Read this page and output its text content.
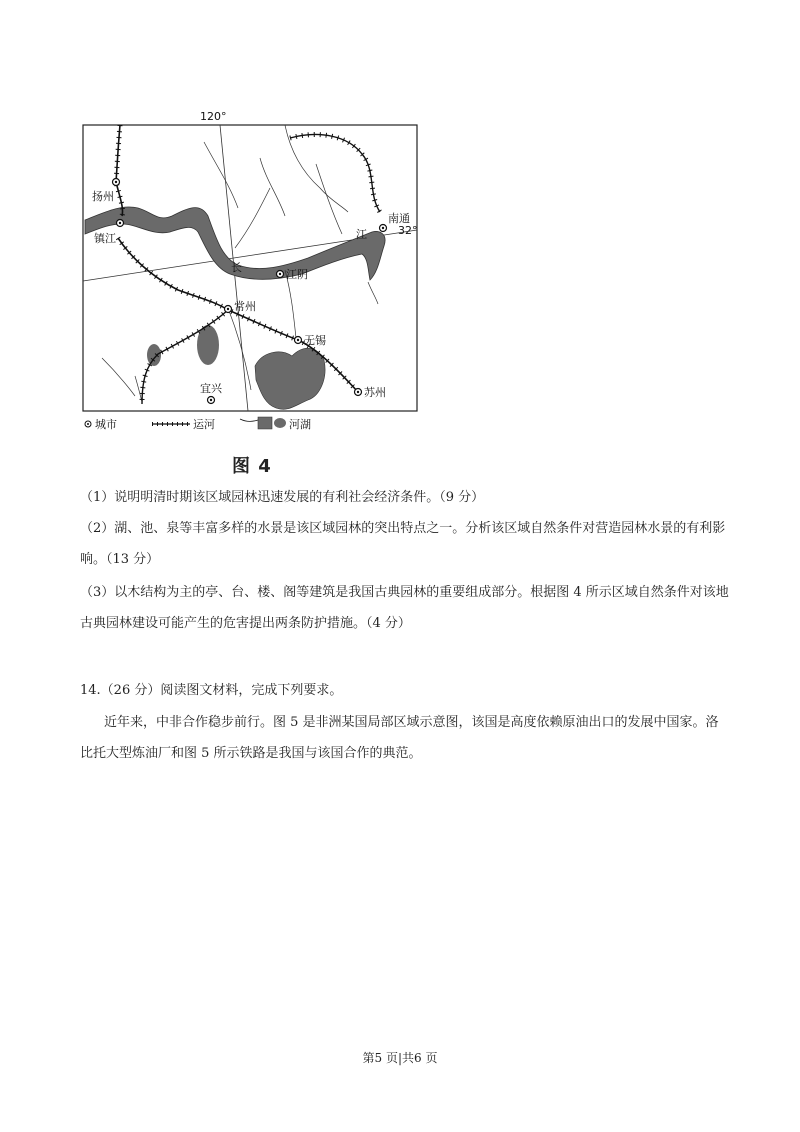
120°
32°
长
江
扬州
镇江
南通
江阴
常州
无锡
宜兴	苏州
城市	运河	河湖
图 4
（1）说明明清时期该区域园林迅速发展的有利社会经济条件。（9 分）
（2）湖、池、泉等丰富多样的水景是该区域园林的突出特点之一。分析该区域自然条件对营造园林水景的有利影响。（13 分）
（3）以木结构为主的亭、台、楼、阁等建筑是我国古典园林的重要组成部分。根据图 4 所示区域自然条件对该地古典园林建设可能产生的危害提出两条防护措施。（4 分）
14.（26 分）阅读图文材料，完成下列要求。
近年来，中非合作稳步前行。图 5 是非洲某国局部区域示意图，该国是高度依赖原油出口的发展中国家。洛比托大型炼油厂和图 5 所示铁路是我国与该国合作的典范。
第5 页|共6 页
